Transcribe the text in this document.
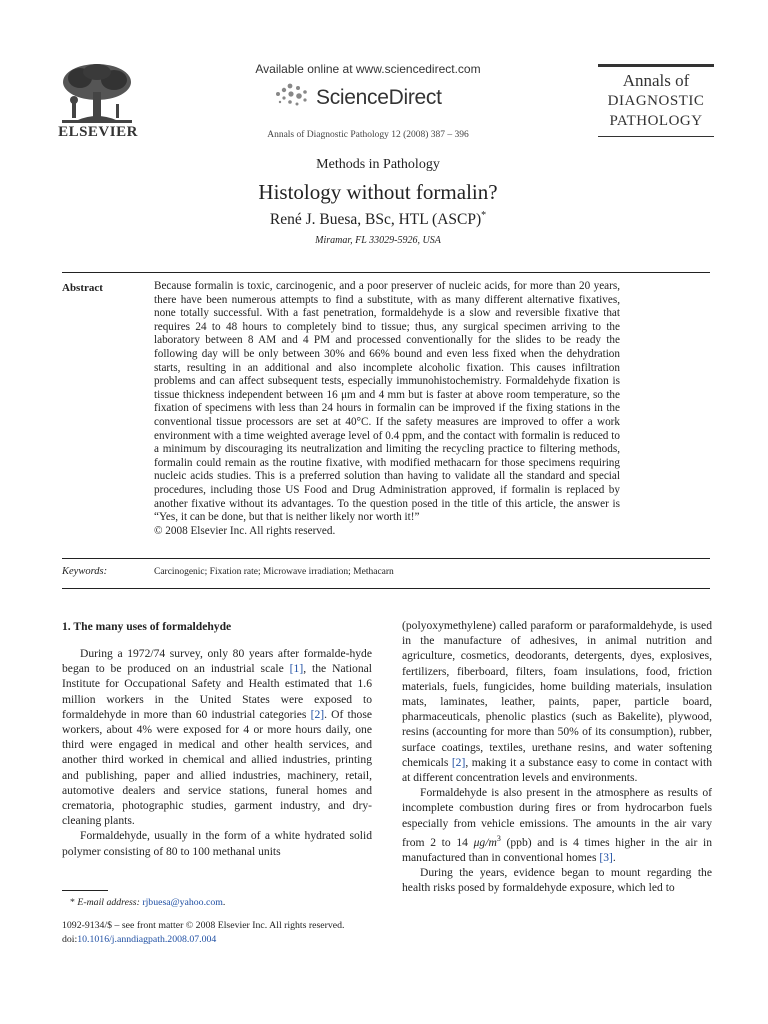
ELSEVIER
Available online at www.sciencedirect.com
ScienceDirect
Annals of Diagnostic Pathology 12 (2008) 387 – 396
Annals of
DIAGNOSTIC
PATHOLOGY
Methods in Pathology
Histology without formalin?
René J. Buesa, BSc, HTL (ASCP)*
Miramar, FL 33029-5926, USA
Abstract	Because formalin is toxic, carcinogenic, and a poor preserver of nucleic acids, for more than 20 years, there have been numerous attempts to find a substitute, with as many different alternative fixatives, none totally successful. With a fast penetration, formaldehyde is a slow and reversible fixative that requires 24 to 48 hours to completely bind to tissue; thus, any surgical specimen arriving to the laboratory between 8 AM and 4 PM and processed conventionally for the slides to be ready the following day will be only between 30% and 66% bound and even less fixed when the dehydration starts, resulting in an additional and also incomplete alcoholic fixation. This causes infiltration problems and can affect subsequent tests, especially immunohistochemistry. Formaldehyde fixation is tissue thickness independent between 16 μm and 4 mm but is faster at above room temperature, so the fixation of specimens with less than 24 hours in formalin can be improved if the fixing stations in the conventional tissue processors are set at 40°C. If the safety measures are improved to offer a work environment with a time weighted average level of 0.4 ppm, and the contact with formalin is reduced to a minimum by discouraging its neutralization and limiting the recycling practice to filtering methods, formalin could remain as the routine fixative, with modified methacarn for those specimens requiring nucleic acids studies. This is a preferred solution than having to validate all the standard and special procedures, including those US Food and Drug Administration approved, if formalin is replaced by another fixative without its advantages. To the question posed in the title of this article, the answer is “Yes, it can be done, but that is neither likely nor worth it!”
© 2008 Elsevier Inc. All rights reserved.
Keywords:	Carcinogenic; Fixation rate; Microwave irradiation; Methacarn
1. The many uses of formaldehyde

During a 1972/74 survey, only 80 years after formalde-hyde began to be produced on an industrial scale [1], the National Institute for Occupational Safety and Health estimated that 1.6 million workers in the United States were exposed to formaldehyde in more than 60 industrial categories [2]. Of those workers, about 4% were exposed for 4 or more hours daily, one third were engaged in medical and other health services, and another third worked in chemical and allied industries, printing and publishing, paper and allied industries, machinery, retail, automotive dealers and service stations, funeral homes and crematoria, photographic studies, garment industry, and dry-cleaning plants.

Formaldehyde, usually in the form of a white hydrated solid polymer consisting of 80 to 100 methanal units

(polyoxymethylene) called paraform or paraformaldehyde, is used in the manufacture of adhesives, in animal nutrition and agriculture, cosmetics, deodorants, detergents, dyes, explosives, fertilizers, fiberboard, filters, foam insulations, food, friction materials, fuels, fungicides, home building materials, insulation mats, laminates, leather, paints, paper, particle board, pharmaceuticals, phenolic plastics (such as Bakelite), plywood, resins (accounting for more than 50% of its consumption), rubber, surface coatings, textiles, urethane resins, and water softening chemicals [2], making it a substance easy to come in contact with at different concentration levels and environments.

Formaldehyde is also present in the atmosphere as results of incomplete combustion during fires or from hydrocarbon fuels especially from vehicle emissions. The amounts in the air vary from 2 to 14 $\mu g/m^3$ (ppb) and is 4 times higher in the air in manufactured than in conventional homes [3].

During the years, evidence began to mount regarding the health risks posed by formaldehyde exposure, which led to

* E-mail address: rjbuesa@yahoo.com.
1092-9134/$ – see front matter © 2008 Elsevier Inc. All rights reserved.
doi:10.1016/j.anndiagpath.2008.07.004
